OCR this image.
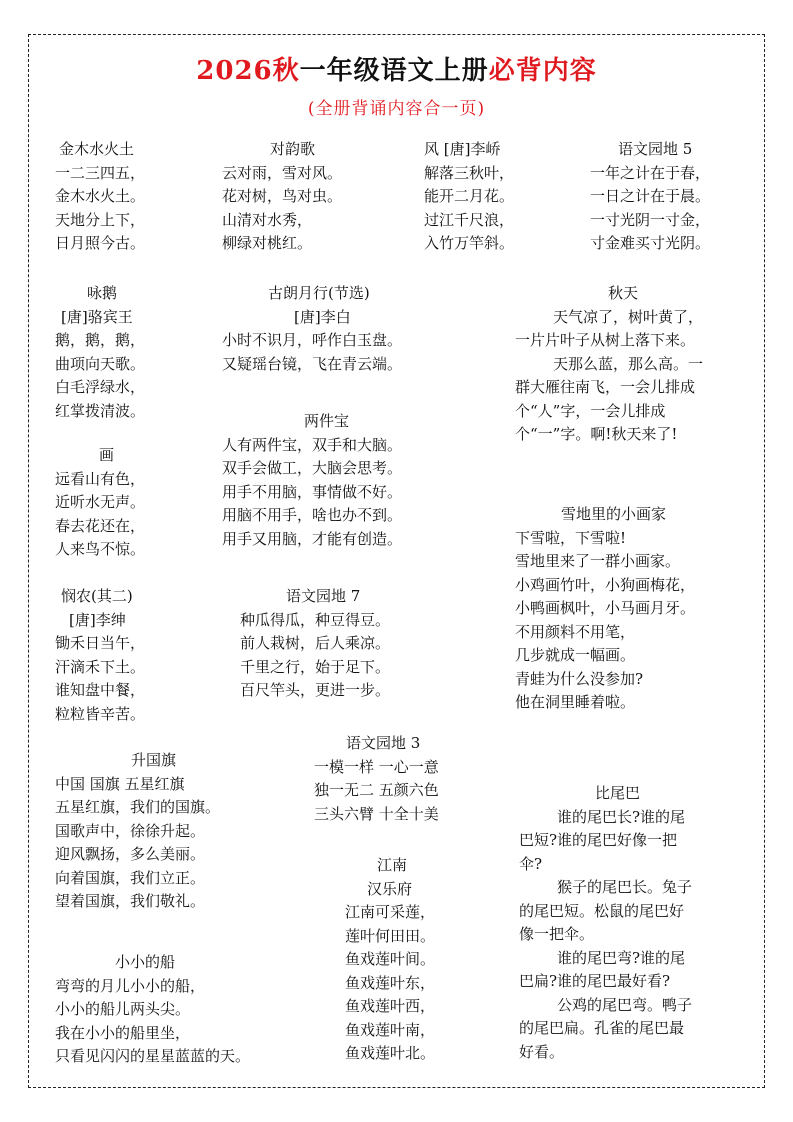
2026秋一年级语文上册必背内容
(全册背诵内容合一页)
金木水火土
一二三四五，
金木水火土。
天地分上下，
日月照今古。
对韵歌
云对雨，雪对风。
花对树，鸟对虫。
山清对水秀，
柳绿对桃红。
风 [唐]李峤
解落三秋叶，
能开二月花。
过江千尺浪，
入竹万竿斜。
语文园地 5
一年之计在于春，
一日之计在于晨。
一寸光阴一寸金，
寸金难买寸光阴。
咏鹅
[唐]骆宾王
鹅，鹅，鹅，
曲项向天歌。
白毛浮绿水，
红掌拨清波。
古朗月行(节选)
[唐]李白
小时不识月，呼作白玉盘。
又疑瑶台镜，飞在青云端。
秋天
天气凉了，树叶黄了，
一片片叶子从树上落下来。
天那么蓝，那么高。一
群大雁往南飞，一会儿排成
个“人”字，一会儿排成
个“一”字。啊!秋天来了!
画
远看山有色，
近听水无声。
春去花还在，
人来鸟不惊。
两件宝
人有两件宝，双手和大脑。
双手会做工，大脑会思考。
用手不用脑，事情做不好。
用脑不用手，啥也办不到。
用手又用脑，才能有创造。
雪地里的小画家
下雪啦，下雪啦!
雪地里来了一群小画家。
小鸡画竹叶，小狗画梅花，
小鸭画枫叶，小马画月牙。
不用颜料不用笔，
几步就成一幅画。
青蛙为什么没参加?
他在洞里睡着啦。
悯农(其二)
[唐]李绅
锄禾日当午，
汗滴禾下土。
谁知盘中餐，
粒粒皆辛苦。
语文园地 7
种瓜得瓜，种豆得豆。
前人栽树，后人乘凉。
千里之行，始于足下。
百尺竿头，更进一步。
语文园地 3
一模一样 一心一意
独一无二 五颜六色
三头六臂 十全十美
升国旗
中国 国旗 五星红旗
五星红旗，我们的国旗。
国歌声中，徐徐升起。
迎风飘扬，多么美丽。
向着国旗，我们立正。
望着国旗，我们敬礼。
比尾巴
谁的尾巴长?谁的尾
巴短?谁的尾巴好像一把
伞?
猴子的尾巴长。兔子
的尾巴短。松鼠的尾巴好
像一把伞。
谁的尾巴弯?谁的尾
巴扁?谁的尾巴最好看?
公鸡的尾巴弯。鸭子
的尾巴扁。孔雀的尾巴最
好看。
江南
汉乐府
江南可采莲，
莲叶何田田。
鱼戏莲叶间。
鱼戏莲叶东，
鱼戏莲叶西，
鱼戏莲叶南，
鱼戏莲叶北。
小小的船
弯弯的月儿小小的船，
小小的船儿两头尖。
我在小小的船里坐，
只看见闪闪的星星蓝蓝的天。
